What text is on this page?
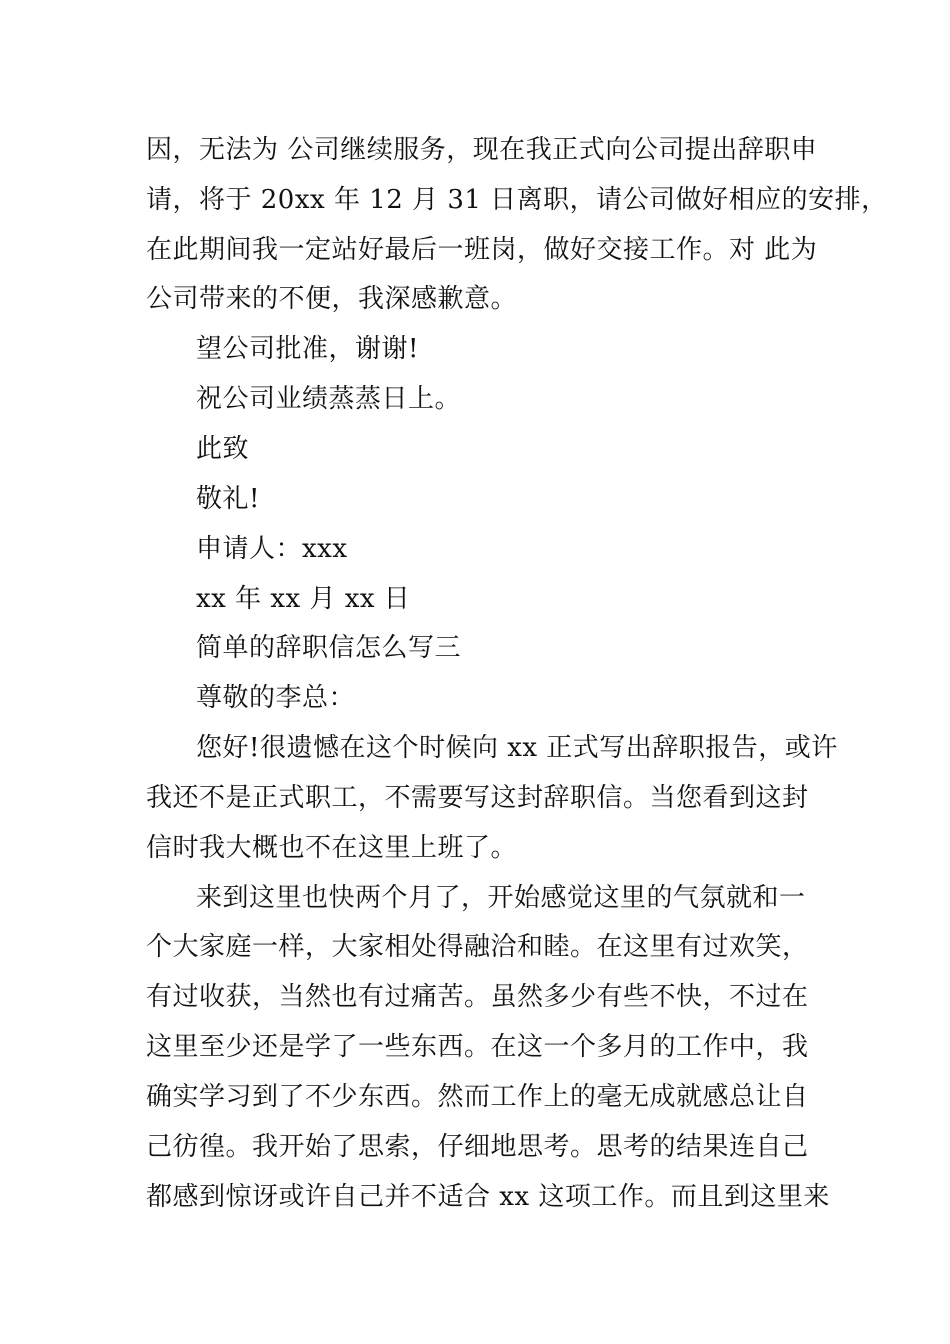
因，无法为 公司继续服务，现在我正式向公司提出辞职申
请，将于 20xx 年 12 月 31 日离职，请公司做好相应的安排，
在此期间我一定站好最后一班岗，做好交接工作。对 此为
公司带来的不便，我深感歉意。
望公司批准，谢谢!
祝公司业绩蒸蒸日上。
此致
敬礼!
申请人：xxx
xx 年 xx 月 xx 日
简单的辞职信怎么写三
尊敬的李总：
您好!很遗憾在这个时候向 xx 正式写出辞职报告，或许
我还不是正式职工，不需要写这封辞职信。当您看到这封
信时我大概也不在这里上班了。
来到这里也快两个月了，开始感觉这里的气氛就和一
个大家庭一样，大家相处得融洽和睦。在这里有过欢笑，
有过收获，当然也有过痛苦。虽然多少有些不快，不过在
这里至少还是学了一些东西。在这一个多月的工作中，我
确实学习到了不少东西。然而工作上的毫无成就感总让自
己彷徨。我开始了思索，仔细地思考。思考的结果连自己
都感到惊讶或许自己并不适合 xx 这项工作。而且到这里来
